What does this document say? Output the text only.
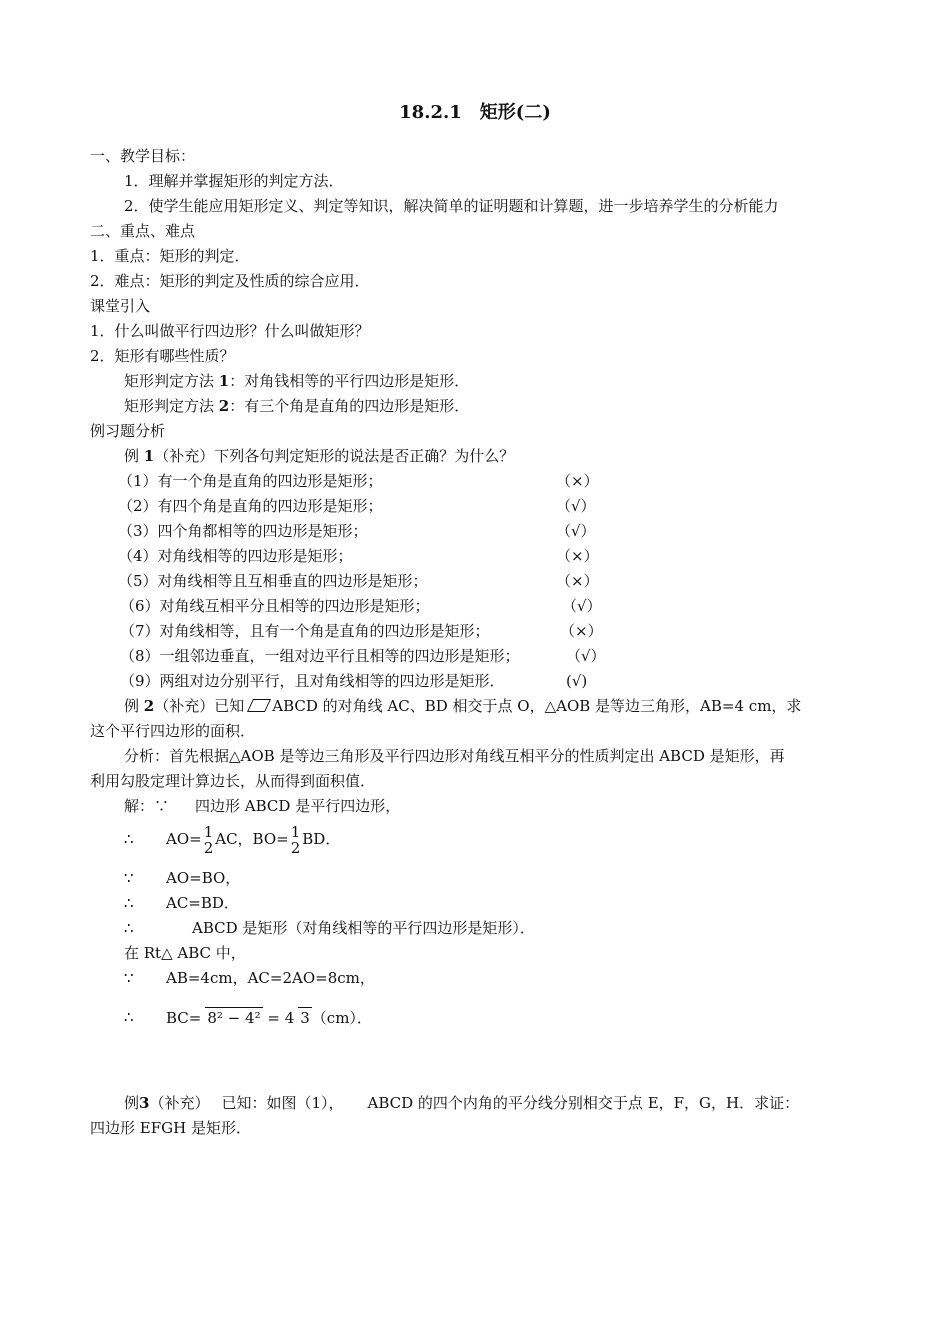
18.2.1 矩形(二)
一、教学目标：
1．理解并掌握矩形的判定方法．
2．使学生能应用矩形定义、判定等知识，解决简单的证明题和计算题，进一步培养学生的分析能力
二、重点、难点
1．重点：矩形的判定．
2．难点：矩形的判定及性质的综合应用．
课堂引入
1．什么叫做平行四边形？什么叫做矩形？
2．矩形有哪些性质？
矩形判定方法 1：对角钱相等的平行四边形是矩形．
矩形判定方法 2：有三个角是直角的四边形是矩形．
例习题分析
例 1（补充）下列各句判定矩形的说法是否正确？为什么？
（1）有一个角是直角的四边形是矩形；	（×）
（2）有四个角是直角的四边形是矩形；	（√）
（3）四个角都相等的四边形是矩形；	（√）
（4）对角线相等的四边形是矩形；	（×）
（5）对角线相等且互相垂直的四边形是矩形；	（×）
（6）对角线互相平分且相等的四边形是矩形；	（√）
（7）对角线相等，且有一个角是直角的四边形是矩形；	（×）
（8）一组邻边垂直，一组对边平行且相等的四边形是矩形；	（√）
（9）两组对边分别平行，且对角线相等的四边形是矩形．	(√)
例 2（补充）已知 ABCD 的对角线 AC、BD 相交于点 O，△AOB 是等边三角形，AB=4 cm，求
这个平行四边形的面积．
分析：首先根据△AOB 是等边三角形及平行四边形对角线互相平分的性质判定出 ABCD 是矩形，再
利用勾股定理计算边长，从而得到面积值．
解：∵ 四边形 ABCD 是平行四边形，
∴ AO= 1
2 AC，BO= 1
2 BD．
∵ AO=BO，
∴ AC=BD．
∴	ABCD 是矩形（对角线相等的平行四边形是矩形）．
在 Rt△ ABC 中，
∵ AB=4cm，AC=2AO=8cm，
∴ BC= 8² − 4² = 4 3 （cm）．
例3（补充） 已知：如图（1）， ABCD 的四个内角的平分线分别相交于点 E，F，G，H．求证：
四边形 EFGH 是矩形．
